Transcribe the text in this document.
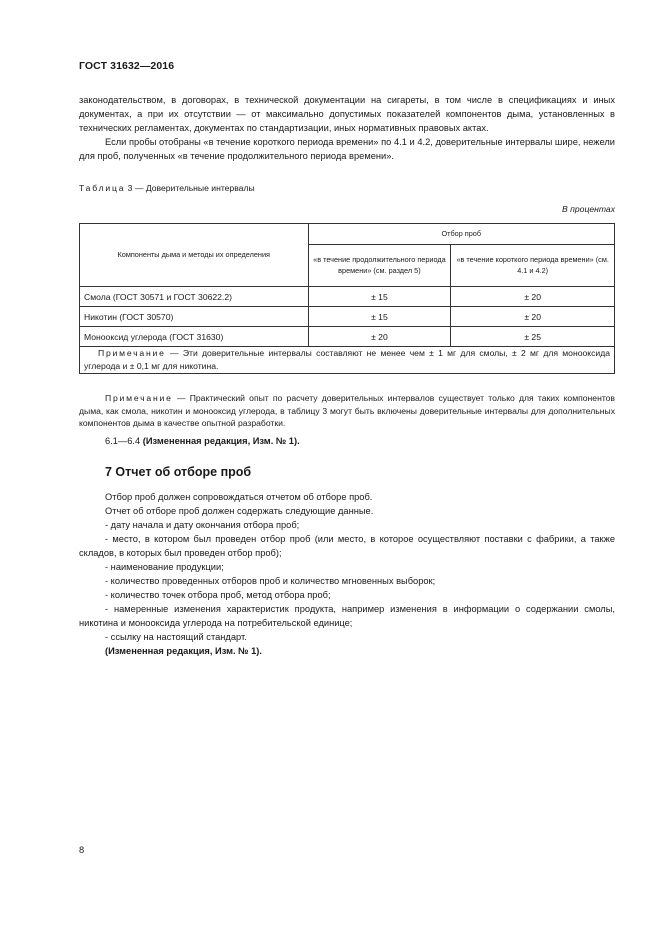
ГОСТ 31632—2016

законодательством, в договорах, в технической документации на сигареты, в том числе в спецификациях и иных документах, а при их отсутствии — от максимально допустимых показателей компонентов дыма, установленных в технических регламентах, документах по стандартизации, иных нормативных правовых актах.

Если пробы отобраны «в течение короткого периода времени» по 4.1 и 4.2, доверительные интервалы шире, нежели для проб, полученных «в течение продолжительного периода времени».

Таблица 3 — Доверительные интервалы
В процентах
Компоненты дыма и методы их определения	Отбор проб	
	«в течение продолжительного периода времени» (см. раздел 5)	«в течение короткого периода времени» (см. 4.1 и 4.2)
Смола (ГОСТ 30571 и ГОСТ 30622.2)	± 15	± 20
Никотин (ГОСТ 30570)	± 15	± 20
Монооксид углерода (ГОСТ 31630)	± 20	± 25
Примечание — Эти доверительные интервалы составляют не менее чем ± 1 мг для смолы, ± 2 мг для монооксида углерода и ± 0,1 мг для никотина.		
Примечание — Практический опыт по расчету доверительных интервалов существует только для таких компонентов дыма, как смола, никотин и монооксид углерода, в таблицу 3 могут быть включены доверительные интервалы для дополнительных компонентов дыма в качестве опытной разработки.
6.1—6.4 (Измененная редакция, Изм. № 1).
7 Отчет об отборе проб

Отбор проб должен сопровождаться отчетом об отборе проб.

Отчет об отборе проб должен содержать следующие данные.

- дату начала и дату окончания отбора проб;

- место, в котором был проведен отбор проб (или место, в которое осуществляют поставки с фабрики, а также складов, в которых был проведен отбор проб);

- наименование продукции;

- количество проведенных отборов проб и количество мгновенных выборок;

- количество точек отбора проб, метод отбора проб;

- намеренные изменения характеристик продукта, например изменения в информации о содержании смолы, никотина и монооксида углерода на потребительской единице;

- ссылку на настоящий стандарт.

(Измененная редакция, Изм. № 1).

8
